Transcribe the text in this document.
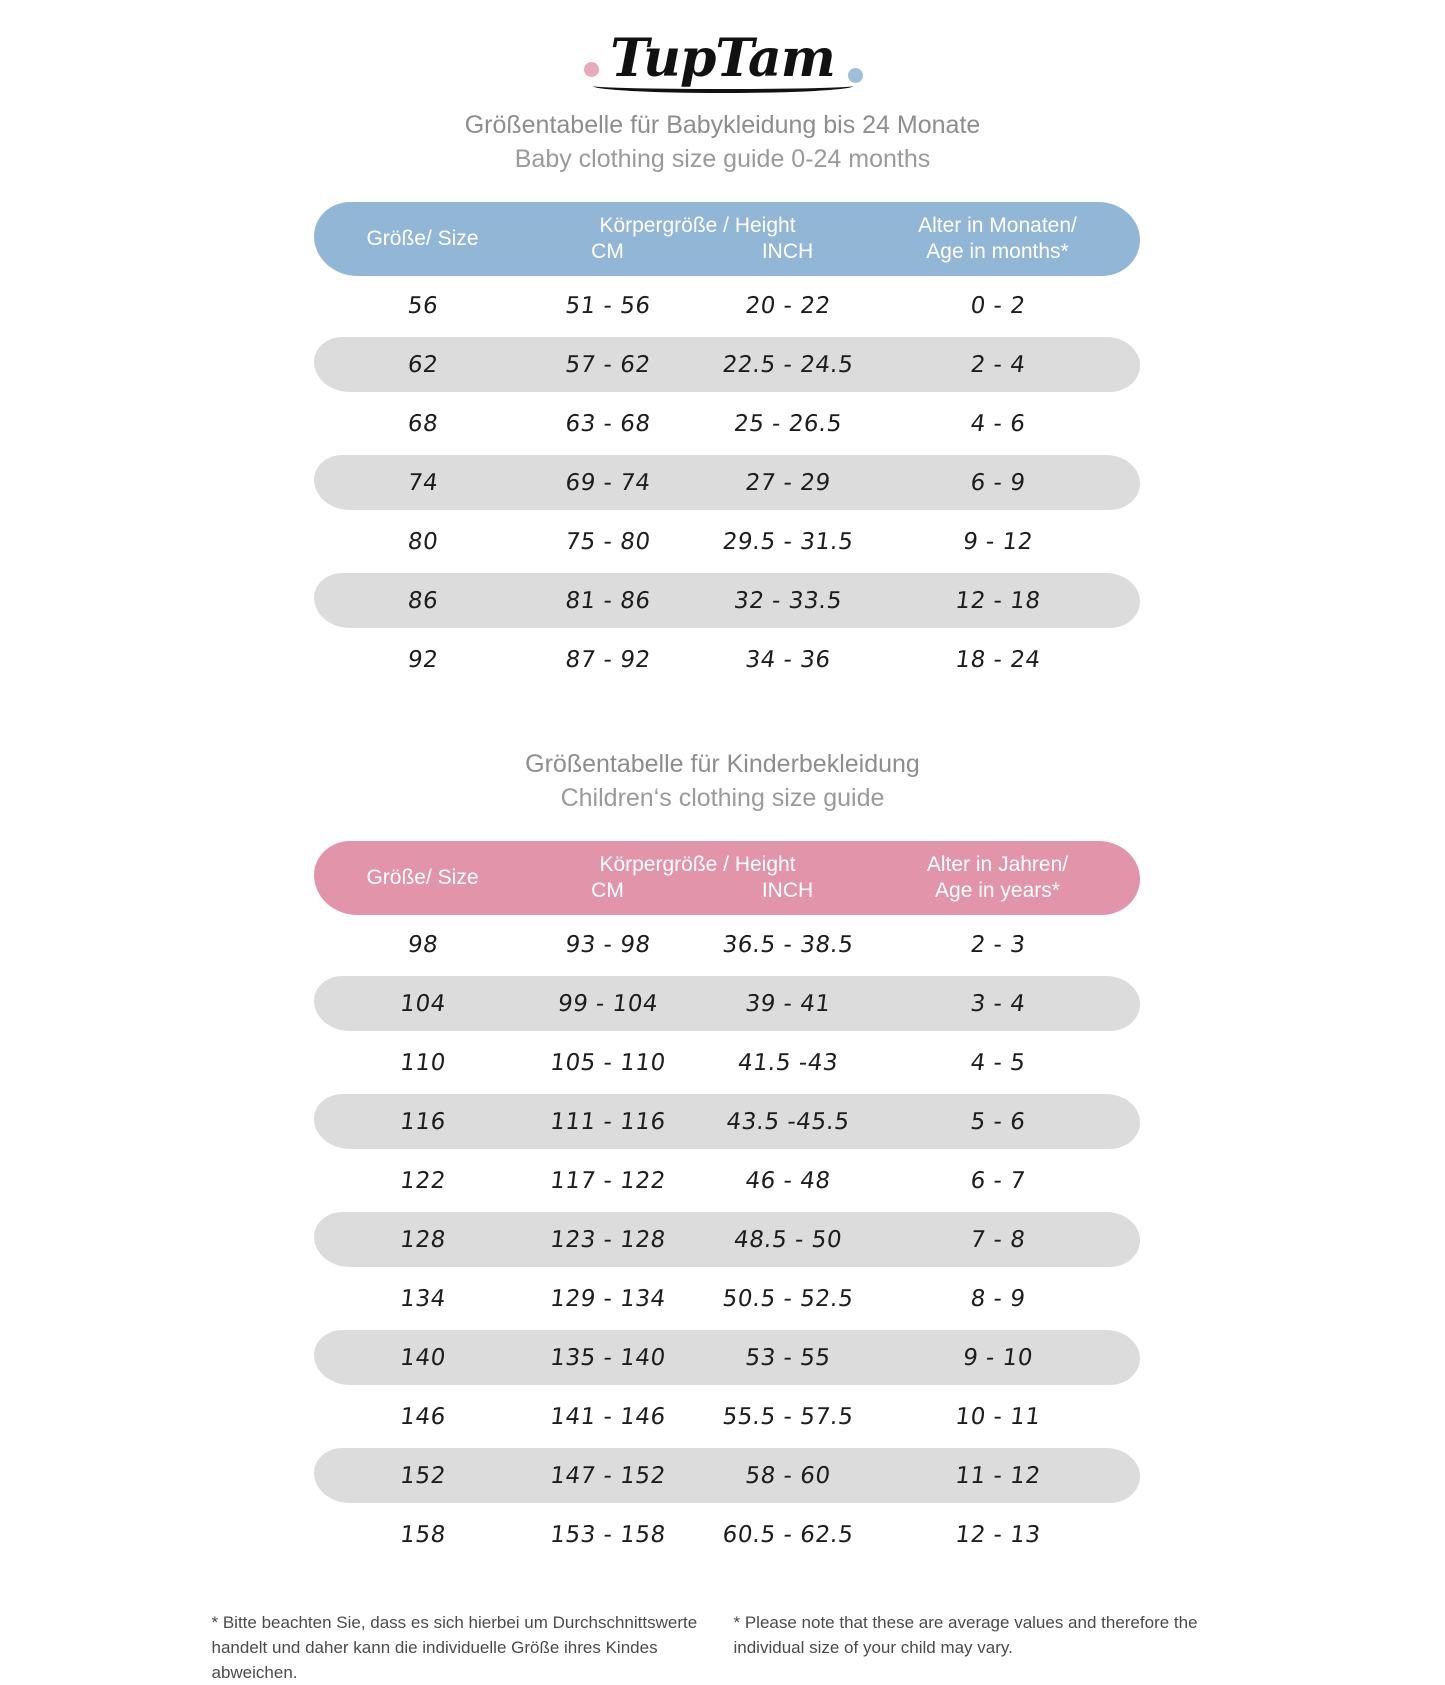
TupTam
Größentabelle für Babykleidung bis 24 Monate
Baby clothing size guide 0-24 months
Größe/ Size
Körpergröße / Height
CM	INCH
Alter in Monaten/
Age in months*
56	51 - 56	20 - 22	0 - 2
62	57 - 62	22.5 - 24.5	2 - 4
68	63 - 68	25 - 26.5	4 - 6
74	69 - 74	27 - 29	6 - 9
80	75 - 80	29.5 - 31.5	9 - 12
86	81 - 86	32 - 33.5	12 - 18
92	87 - 92	34 - 36	18 - 24
Größentabelle für Kinderbekleidung
Children‘s clothing size guide
Größe/ Size
Körpergröße / Height
CM	INCH
Alter in Jahren/
Age in years*
98	93 - 98	36.5 - 38.5	2 - 3
104	99 - 104	39 - 41	3 - 4
110	105 - 110	41.5 -43	4 - 5
116	111 - 116	43.5 -45.5	5 - 6
122	117 - 122	46 - 48	6 - 7
128	123 - 128	48.5 - 50	7 - 8
134	129 - 134	50.5 - 52.5	8 - 9
140	135 - 140	53 - 55	9 - 10
146	141 - 146	55.5 - 57.5	10 - 11
152	147 - 152	58 - 60	11 - 12
158	153 - 158	60.5 - 62.5	12 - 13
* Bitte beachten Sie, dass es sich hierbei um Durchschnittswerte handelt und daher kann die individuelle Größe ihres Kindes abweichen.
* Please note that these are average values and therefore the individual size of your child may vary.
